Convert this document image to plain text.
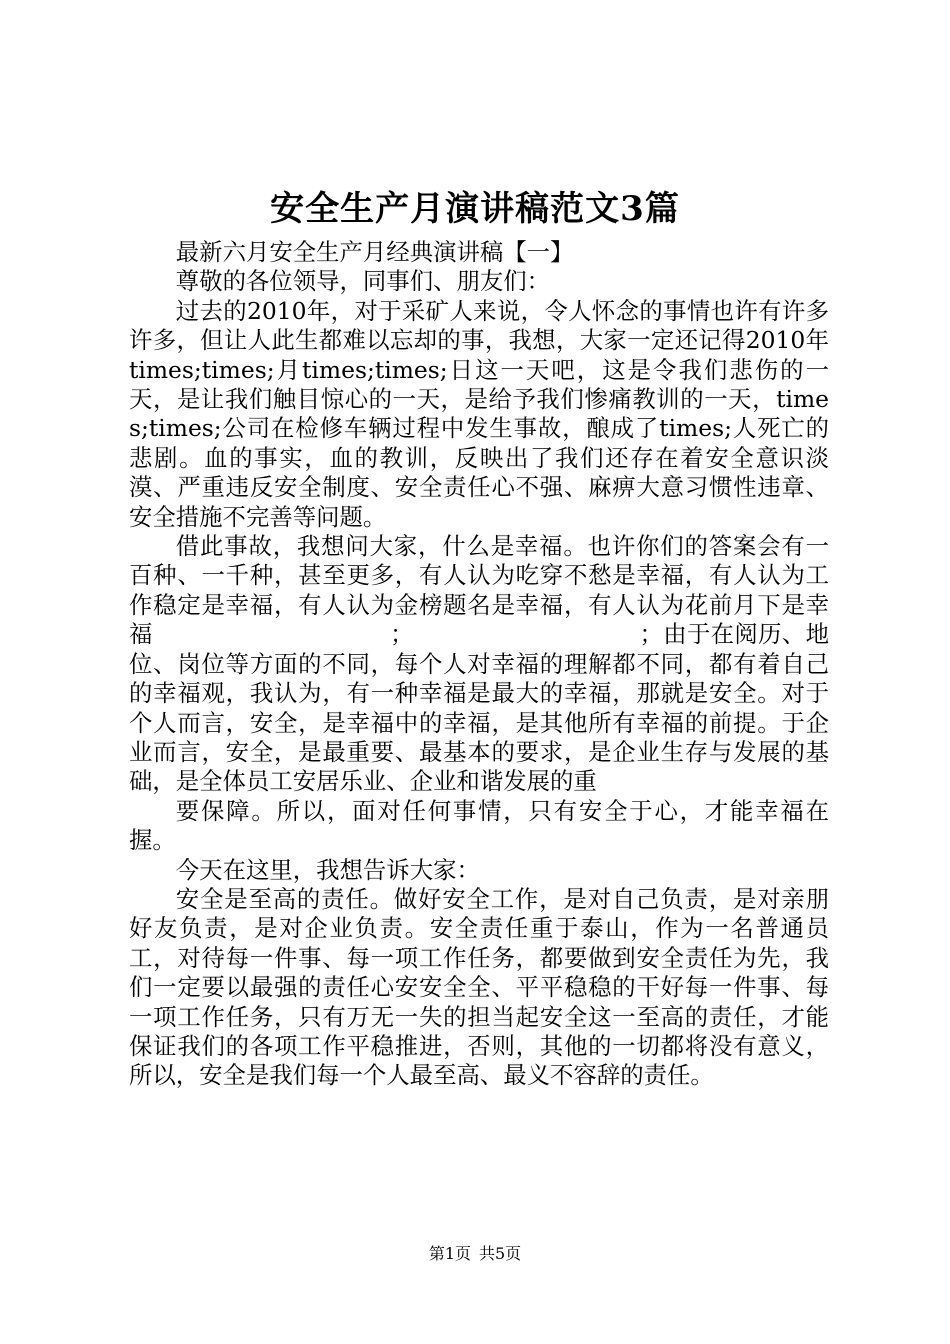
安全生产月演讲稿范文3篇

最新六月安全生产月经典演讲稿【一】

尊敬的各位领导，同事们、朋友们：

过去的2010年，对于采矿人来说，令人怀念的事情也许有许多许多，但让人此生都难以忘却的事，我想，大家一定还记得2010年times;times;月times;times;日这一天吧，这是令我们悲伤的一天，是让我们触目惊心的一天，是给予我们惨痛教训的一天，times;times;公司在检修车辆过程中发生事故，酿成了times;人死亡的悲剧。血的事实，血的教训，反映出了我们还存在着安全意识淡漠、严重违反安全制度、安全责任心不强、麻痹大意习惯性违章、安全措施不完善等问题。

借此事故，我想问大家，什么是幸福。也许你们的答案会有一百种、一千种，甚至更多，有人认为吃穿不愁是幸福，有人认为工作稳定是幸福，有人认为金榜题名是幸福，有人认为花前月下是幸福　　　　　　　　　　；　　　　　　　　　　；由于在阅历、地位、岗位等方面的不同，每个人对幸福的理解都不同，都有着自己的幸福观，我认为，有一种幸福是最大的幸福，那就是安全。对于个人而言，安全，是幸福中的幸福，是其他所有幸福的前提。于企业而言，安全，是最重要、最基本的要求，是企业生存与发展的基础，是全体员工安居乐业、企业和谐发展的重

要保障。所以，面对任何事情，只有安全于心，才能幸福在握。

今天在这里，我想告诉大家：

安全是至高的责任。做好安全工作，是对自己负责，是对亲朋好友负责，是对企业负责。安全责任重于泰山，作为一名普通员工，对待每一件事、每一项工作任务，都要做到安全责任为先，我们一定要以最强的责任心安安全全、平平稳稳的干好每一件事、每一项工作任务，只有万无一失的担当起安全这一至高的责任，才能保证我们的各项工作平稳推进，否则，其他的一切都将没有意义，所以，安全是我们每一个人最至高、最义不容辞的责任。

第1页 共5页
